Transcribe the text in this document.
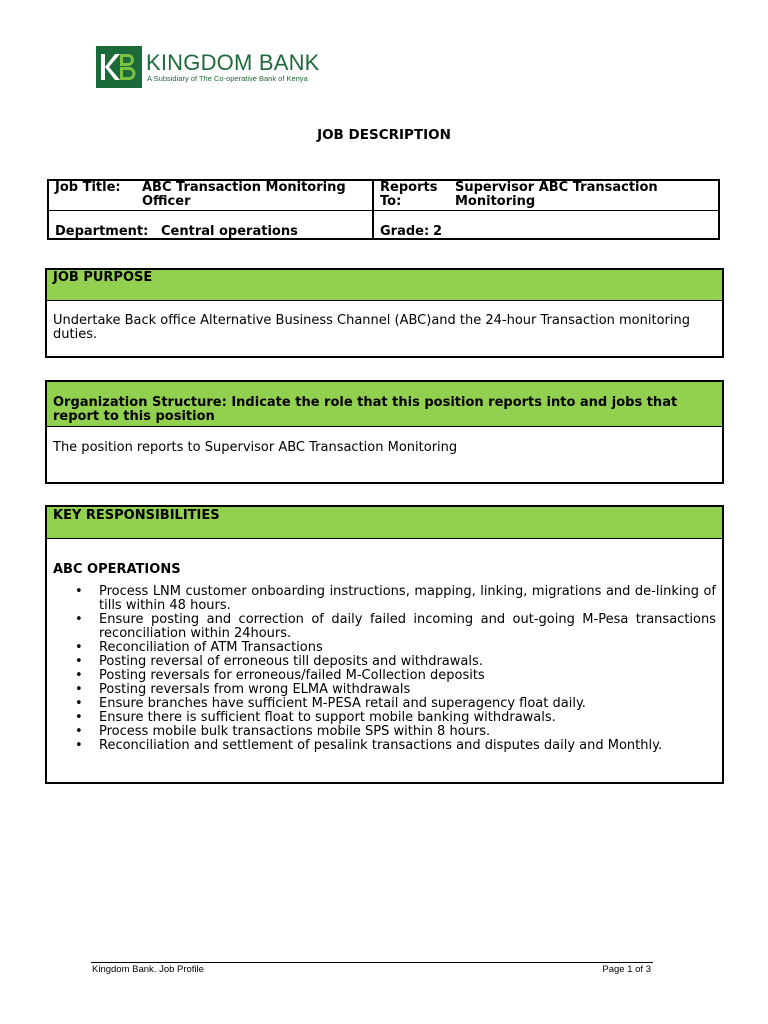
KINGDOM BANK
A Subsidiary of The Co-operative Bank of Kenya
JOB DESCRIPTION
Job Title: ABC Transaction Monitoring
Officer
Reports
To:
Supervisor ABC Transaction
Monitoring
Department: Central operations	Grade: 2
JOB PURPOSE
Undertake Back office Alternative Business Channel (ABC)and the 24-hour Transaction monitoring duties.
Organization Structure: Indicate the role that this position reports into and jobs that report to this position
The position reports to Supervisor ABC Transaction Monitoring
KEY RESPONSIBILITIES
ABC OPERATIONS
• Process LNM customer onboarding instructions, mapping, linking, migrations and de-linking of tills within 48 hours.
• Ensure posting and correction of daily failed incoming and out-going M-Pesa transactions reconciliation within 24hours.
• Reconciliation of ATM Transactions
• Posting reversal of erroneous till deposits and withdrawals.
• Posting reversals for erroneous/failed M-Collection deposits
• Posting reversals from wrong ELMA withdrawals
• Ensure branches have sufficient M-PESA retail and superagency float daily.
• Ensure there is sufficient float to support mobile banking withdrawals.
• Process mobile bulk transactions mobile SPS within 8 hours.
• Reconciliation and settlement of pesalink transactions and disputes daily and Monthly.
Kingdom Bank. Job Profile	Page 1 of 3
